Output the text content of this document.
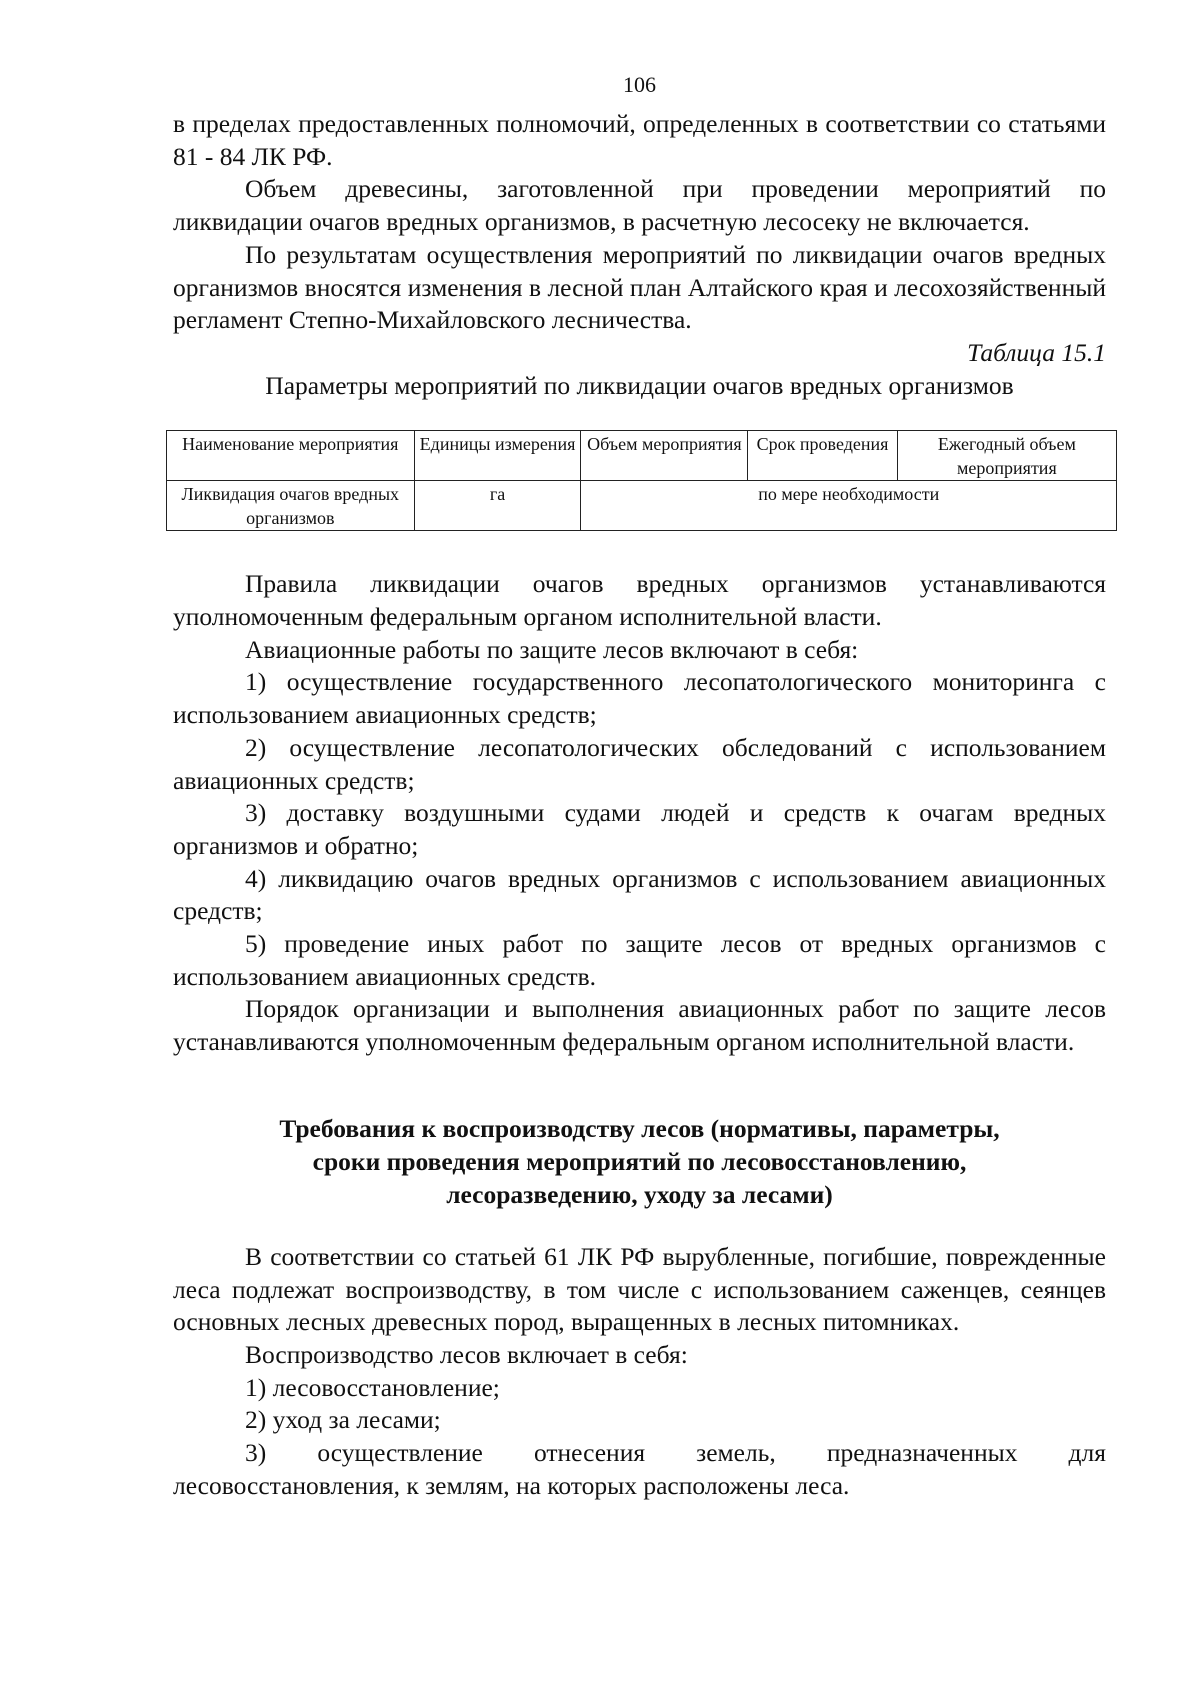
106

в пределах предоставленных полномочий, определенных в соответствии со статьями 81 - 84 ЛК РФ.

Объем древесины, заготовленной при проведении мероприятий по ликвидации очагов вредных организмов, в расчетную лесосеку не включается.

По результатам осуществления мероприятий по ликвидации очагов вредных организмов вносятся изменения в лесной план Алтайского края и лесохозяйственный регламент Степно-Михайловского лесничества.

Таблица 15.1
Параметры мероприятий по ликвидации очагов вредных организмов
Наименование мероприятия	Единицы измерения	Объем мероприятия	Срок проведения	Ежегодный объем мероприятия
Ликвидация очагов вредных организмов	га	по мере необходимости		

Правила ликвидации очагов вредных организмов устанавливаются уполномоченным федеральным органом исполнительной власти.

Авиационные работы по защите лесов включают в себя:

1) осуществление государственного лесопатологического мониторинга с использованием авиационных средств;

2) осуществление лесопатологических обследований с использованием авиационных средств;

3) доставку воздушными судами людей и средств к очагам вредных организмов и обратно;

4) ликвидацию очагов вредных организмов с использованием авиационных средств;

5) проведение иных работ по защите лесов от вредных организмов с использованием авиационных средств.

Порядок организации и выполнения авиационных работ по защите лесов устанавливаются уполномоченным федеральным органом исполнительной власти.

Требования к воспроизводству лесов (нормативы, параметры,
сроки проведения мероприятий по лесовосстановлению,
лесоразведению, уходу за лесами)

В соответствии со статьей 61 ЛК РФ вырубленные, погибшие, поврежденные леса подлежат воспроизводству, в том числе с использованием саженцев, сеянцев основных лесных древесных пород, выращенных в лесных питомниках.

Воспроизводство лесов включает в себя:

1) лесовосстановление;

2) уход за лесами;

3) осуществление отнесения земель, предназначенных для лесовосстановления, к землям, на которых расположены леса.
